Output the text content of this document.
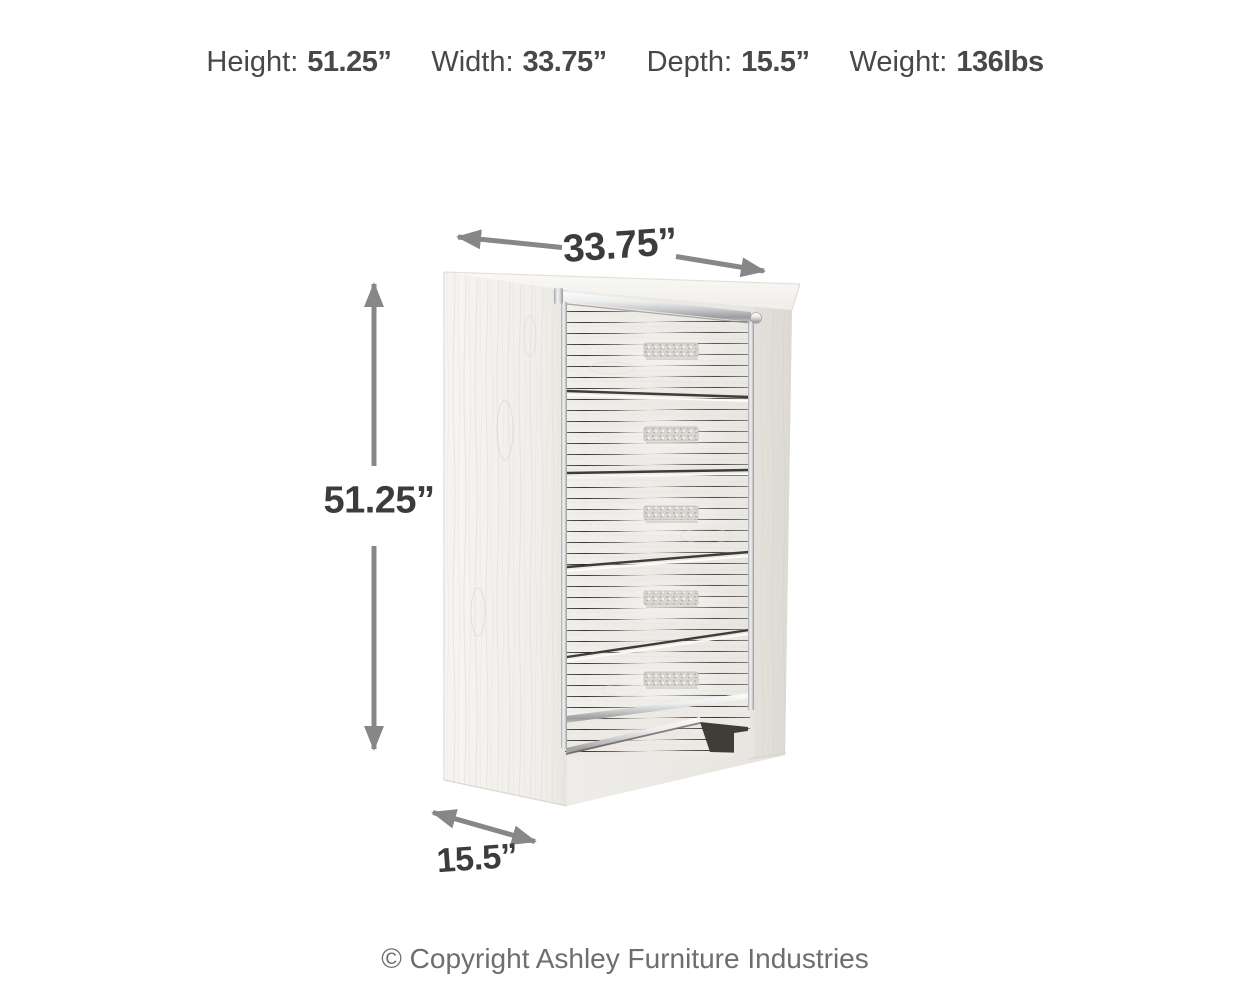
Height: 51.25” Width: 33.75” Depth: 15.5” Weight: 136lbs
33.75”
51.25”
15.5”
© Copyright Ashley Furniture Industries
